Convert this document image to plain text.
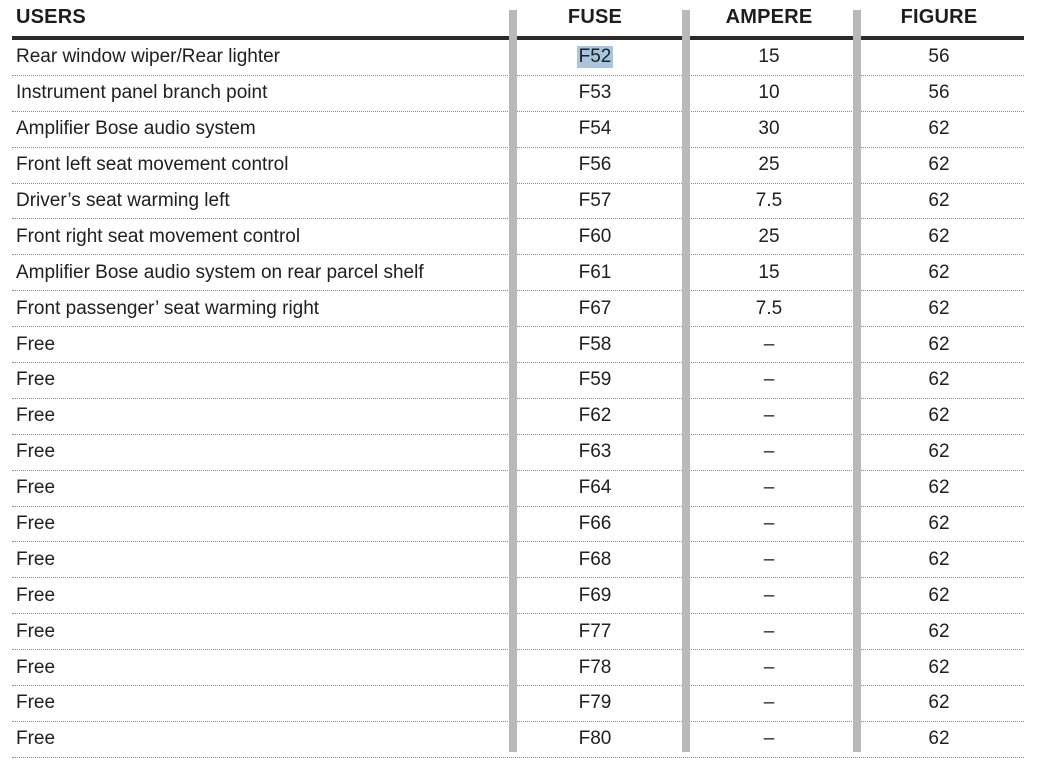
USERS	FUSE	AMPERE	FIGURE
Rear window wiper/Rear lighter	F52	15	56
Instrument panel branch point	F53	10	56
Amplifier Bose audio system	F54	30	62
Front left seat movement control	F56	25	62
Driver’s seat warming left	F57	7.5	62
Front right seat movement control	F60	25	62
Amplifier Bose audio system on rear parcel shelf	F61	15	62
Front passenger’ seat warming right	F67	7.5	62
Free	F58	–	62
Free	F59	–	62
Free	F62	–	62
Free	F63	–	62
Free	F64	–	62
Free	F66	–	62
Free	F68	–	62
Free	F69	–	62
Free	F77	–	62
Free	F78	–	62
Free	F79	–	62
Free	F80	–	62
